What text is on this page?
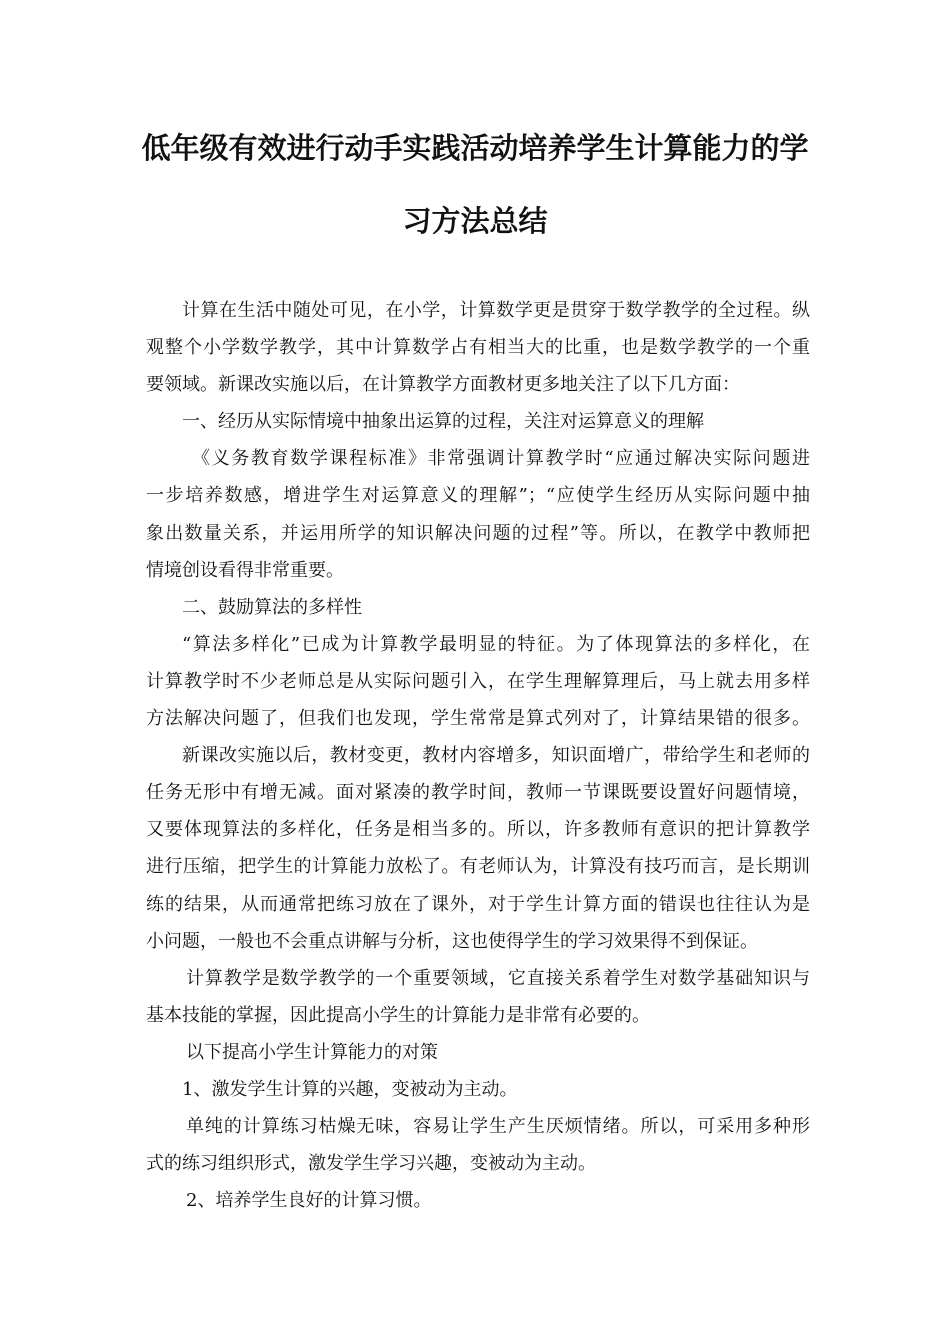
低年级有效进行动手实践活动培养学生计算能力的学
习方法总结
计算在生活中随处可见，在小学，计算数学更是贯穿于数学教学的全过程。纵
观整个小学数学教学，其中计算数学占有相当大的比重，也是数学教学的一个重
要领域。新课改实施以后，在计算教学方面教材更多地关注了以下几方面：
一、经历从实际情境中抽象出运算的过程，关注对运算意义的理解
《义务教育数学课程标准》非常强调计算教学时“应通过解决实际问题进
一步培养数感，增进学生对运算意义的理解”；“应使学生经历从实际问题中抽
象出数量关系，并运用所学的知识解决问题的过程”等。所以，在教学中教师把
情境创设看得非常重要。
二、鼓励算法的多样性
“算法多样化”已成为计算教学最明显的特征。为了体现算法的多样化，在
计算教学时不少老师总是从实际问题引入，在学生理解算理后，马上就去用多样
方法解决问题了，但我们也发现，学生常常是算式列对了，计算结果错的很多。
新课改实施以后，教材变更，教材内容增多，知识面增广，带给学生和老师的
任务无形中有增无减。面对紧凑的教学时间，教师一节课既要设置好问题情境，
又要体现算法的多样化，任务是相当多的。所以，许多教师有意识的把计算教学
进行压缩，把学生的计算能力放松了。有老师认为，计算没有技巧而言，是长期训
练的结果，从而通常把练习放在了课外，对于学生计算方面的错误也往往认为是
小问题，一般也不会重点讲解与分析，这也使得学生的学习效果得不到保证。
计算教学是数学教学的一个重要领域，它直接关系着学生对数学基础知识与
基本技能的掌握，因此提高小学生的计算能力是非常有必要的。
以下提高小学生计算能力的对策
1、激发学生计算的兴趣，变被动为主动。
单纯的计算练习枯燥无味，容易让学生产生厌烦情绪。所以，可采用多种形
式的练习组织形式，激发学生学习兴趣，变被动为主动。
2、培养学生良好的计算习惯。
